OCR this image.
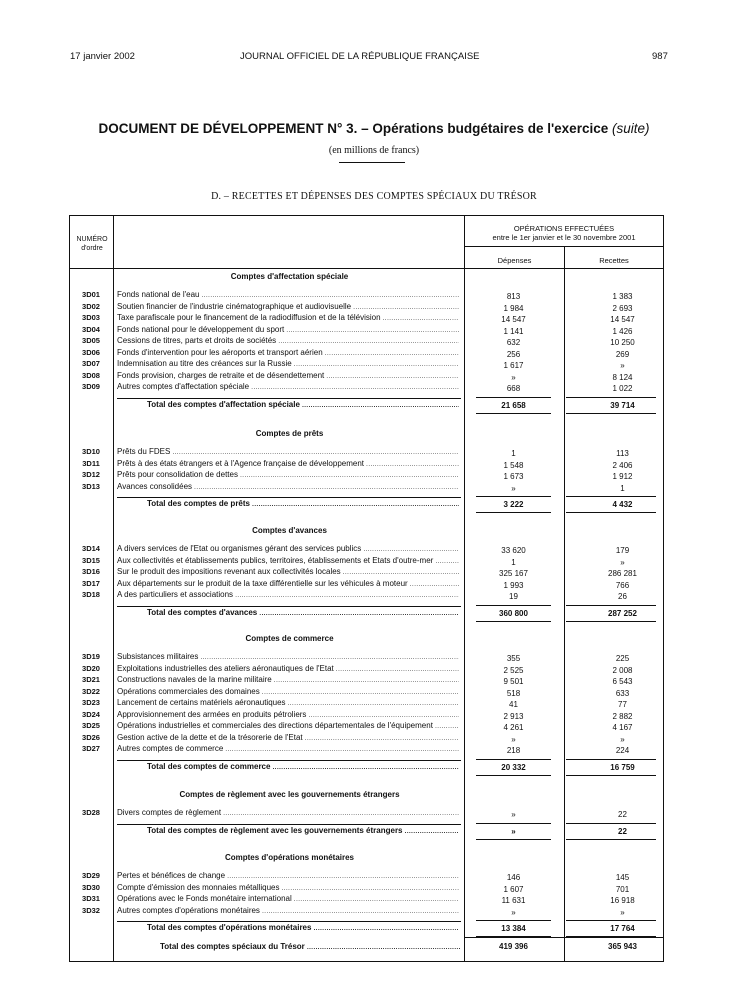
17 janvier 2002	JOURNAL OFFICIEL DE LA RÉPUBLIQUE FRANÇAISE	987
DOCUMENT DE DÉVELOPPEMENT N° 3. – Opérations budgétaires de l'exercice (suite)
(en millions de francs)
D. – RECETTES ET DÉPENSES DES COMPTES SPÉCIAUX DU TRÉSOR
NUMÉRO
d'ordre
OPÉRATIONS EFFECTUÉES
entre le 1er janvier et le 30 novembre 2001
Dépenses	Recettes
Comptes d'affectation spéciale
3D01	Fonds national de l'eau .....	813	1 383
3D02	Soutien financier de l'industrie cinématographique et audiovisuelle .....	1 984	2 693
3D03	Taxe parafiscale pour le financement de la radiodiffusion et de la télévision .....	14 547	14 547
3D04	Fonds national pour le développement du sport .....	1 141	1 426
3D05	Cessions de titres, parts et droits de sociétés .....	632	10 250
3D06	Fonds d'intervention pour les aéroports et transport aérien .....	256	269
3D07	Indemnisation au titre des créances sur la Russie .....	1 617	»
3D08	Fonds provision, charges de retraite et de désendettement .....	»	8 124
3D09	Autres comptes d'affectation spéciale .....	668	1 022
Total des comptes d'affectation spéciale .....	21 658	39 714
Comptes de prêts
3D10	Prêts du FDES .....	1	113
3D11	Prêts à des états étrangers et à l'Agence française de développement .....	1 548	2 406
3D12	Prêts pour consolidation de dettes .....	1 673	1 912
3D13	Avances consolidées .....	»	1
Total des comptes de prêts .....	3 222	4 432
Comptes d'avances
3D14	A divers services de l'Etat ou organismes gérant des services publics .....	33 620	179
3D15	Aux collectivités et établissements publics, territoires, établissements et Etats d'outre-mer .....	1	»
3D16	Sur le produit des impositions revenant aux collectivités locales .....	325 167	286 281
3D17	Aux départements sur le produit de la taxe différentielle sur les véhicules à moteur .....	1 993	766
3D18	A des particuliers et associations .....	19	26
Total des comptes d'avances .....	360 800	287 252
Comptes de commerce
3D19	Subsistances militaires .....	355	225
3D20	Exploitations industrielles des ateliers aéronautiques de l'Etat .....	2 525	2 008
3D21	Constructions navales de la marine militaire .....	9 501	6 543
3D22	Opérations commerciales des domaines .....	518	633
3D23	Lancement de certains matériels aéronautiques .....	41	77
3D24	Approvisionnement des armées en produits pétroliers .....	2 913	2 882
3D25	Opérations industrielles et commerciales des directions départementales de l'équipement .....	4 261	4 167
3D26	Gestion active de la dette et de la trésorerie de l'Etat .....	»	»
3D27	Autres comptes de commerce .....	218	224
Total des comptes de commerce .....	20 332	16 759
Comptes de règlement avec les gouvernements étrangers
3D28	Divers comptes de règlement .....	»	22
Total des comptes de règlement avec les gouvernements étrangers .....	»	22
Comptes d'opérations monétaires
3D29	Pertes et bénéfices de change .....	146	145
3D30	Compte d'émission des monnaies métalliques .....	1 607	701
3D31	Opérations avec le Fonds monétaire international .....	11 631	16 918
3D32	Autres comptes d'opérations monétaires .....	»	»
Total des comptes d'opérations monétaires .....	13 384	17 764
Total des comptes spéciaux du Trésor .....	419 396	365 943
